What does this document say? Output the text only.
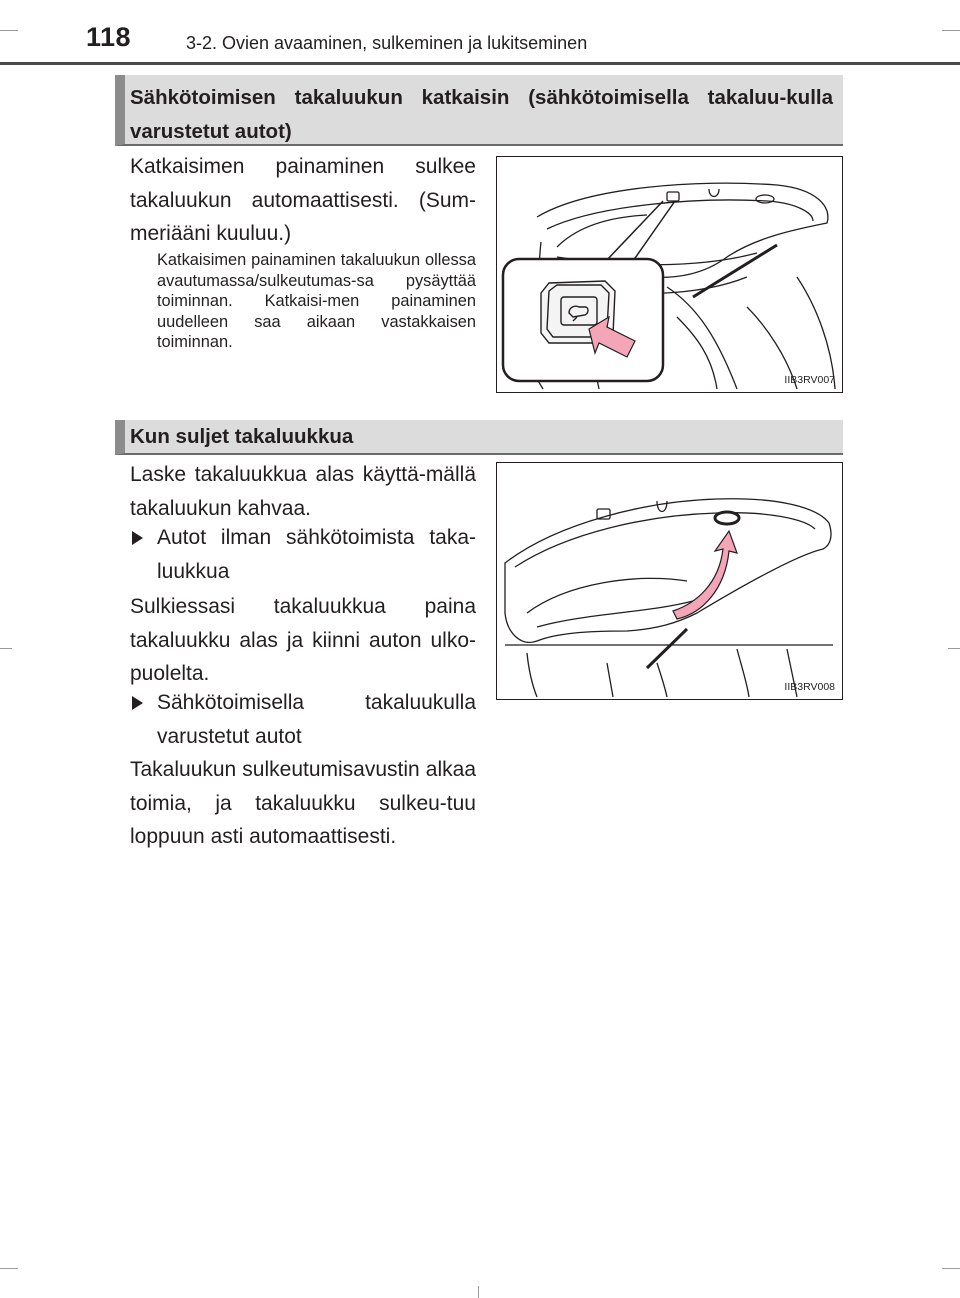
118	3-2. Ovien avaaminen, sulkeminen ja lukitseminen
Sähkötoimisen takaluukun katkaisin (sähkötoimisella takaluu-kulla varustetut autot)
Katkaisimen painaminen sulkee takaluukun automaattisesti. (Sum-meriääni kuuluu.)
Katkaisimen painaminen takaluukun ollessa avautumassa/sulkeutumas-sa pysäyttää toiminnan. Katkaisi-men painaminen uudelleen saa aikaan vastakkaisen toiminnan.
IIB3RV007
Kun suljet takaluukkua
Laske takaluukkua alas käyttä-mällä takaluukun kahvaa.
Autot ilman sähkötoimista taka-luukkua
Sulkiessasi takaluukkua paina takaluukku alas ja kiinni auton ulko-puolelta.
Sähkötoimisella takaluukulla varustetut autot
Takaluukun sulkeutumisavustin alkaa toimia, ja takaluukku sulkeu-tuu loppuun asti automaattisesti.
IIB3RV008
